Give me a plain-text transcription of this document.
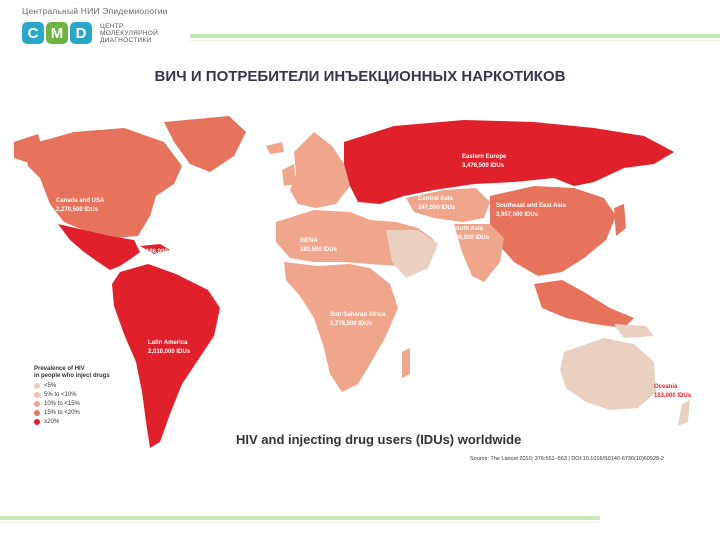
Центральный НИИ Эпидемиологии
C M D	ЦЕНТР
МОЛЕКУЛЯРНОЙ
ДИАГНОСТИКИ
ВИЧ И ПОТРЕБИТЕЛИ ИНЪЕКЦИОННЫХ НАРКОТИКОВ
Eastern Europe
3,476,500 IDUs
Canada and USA
2,270,500 IDUs
Western Europe
1,044,000 IDUs	Central Asia
247,500 IDUs	Southeast and East Asia
3,957,500 IDUs
Caribbean
186,000 IDUs
MENA
180,500 IDUs
South Asia
160,500 IDUs
Sub-Saharan Africa
1,778,500 IDUs
Latin America
2,010,000 IDUs
Oceania
153,000 IDUs
Prevalence of HIV
in people who inject drugs
<5%
5% to <10%
10% to <15%
15% to <20%
≥20%
HIV and injecting drug users (IDUs) worldwide
Source: The Lancet 2010; 376:551–563 | DOI:10.1016/S0140-6736(10)60928-2
